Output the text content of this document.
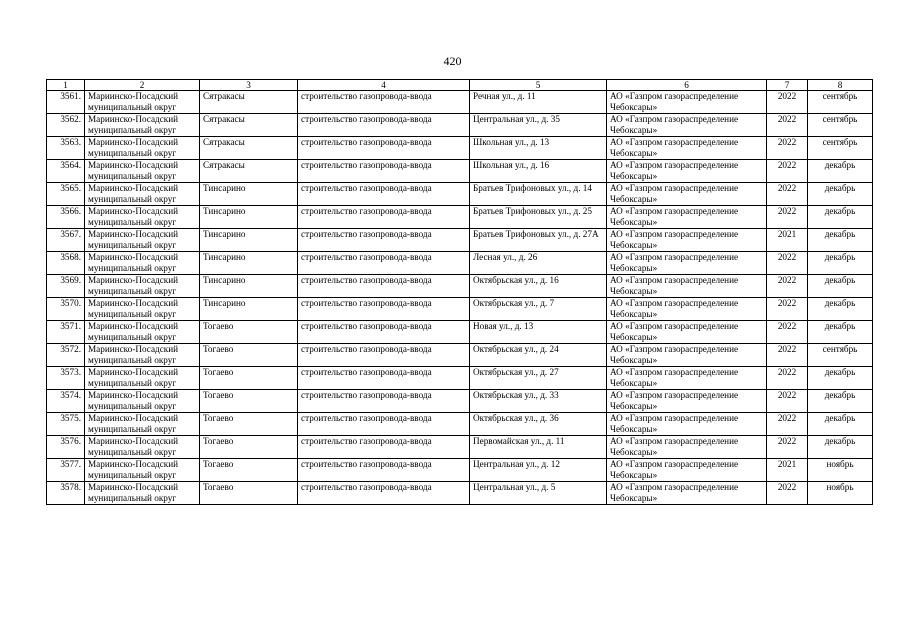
420
1	2	3	4	5	6	7	8
3561.	Мариинско-Посадский муниципальный округ	Сятракасы	строительство газопровода-ввода	Речная ул., д. 11	АО «Газпром газораспределение Чебоксары»	2022	сентябрь
3562.	Мариинско-Посадский муниципальный округ	Сятракасы	строительство газопровода-ввода	Центральная ул., д. 35	АО «Газпром газораспределение Чебоксары»	2022	сентябрь
3563.	Мариинско-Посадский муниципальный округ	Сятракасы	строительство газопровода-ввода	Школьная ул., д. 13	АО «Газпром газораспределение Чебоксары»	2022	сентябрь
3564.	Мариинско-Посадский муниципальный округ	Сятракасы	строительство газопровода-ввода	Школьная ул., д. 16	АО «Газпром газораспределение Чебоксары»	2022	декабрь
3565.	Мариинско-Посадский муниципальный округ	Тинсарино	строительство газопровода-ввода	Братьев Трифоновых ул., д. 14	АО «Газпром газораспределение Чебоксары»	2022	декабрь
3566.	Мариинско-Посадский муниципальный округ	Тинсарино	строительство газопровода-ввода	Братьев Трифоновых ул., д. 25	АО «Газпром газораспределение Чебоксары»	2022	декабрь
3567.	Мариинско-Посадский муниципальный округ	Тинсарино	строительство газопровода-ввода	Братьев Трифоновых ул., д. 27А	АО «Газпром газораспределение Чебоксары»	2021	декабрь
3568.	Мариинско-Посадский муниципальный округ	Тинсарино	строительство газопровода-ввода	Лесная ул., д. 26	АО «Газпром газораспределение Чебоксары»	2022	декабрь
3569.	Мариинско-Посадский муниципальный округ	Тинсарино	строительство газопровода-ввода	Октябрьская ул., д. 16	АО «Газпром газораспределение Чебоксары»	2022	декабрь
3570.	Мариинско-Посадский муниципальный округ	Тинсарино	строительство газопровода-ввода	Октябрьская ул., д. 7	АО «Газпром газораспределение Чебоксары»	2022	декабрь
3571.	Мариинско-Посадский муниципальный округ	Тогаево	строительство газопровода-ввода	Новая ул., д. 13	АО «Газпром газораспределение Чебоксары»	2022	декабрь
3572.	Мариинско-Посадский муниципальный округ	Тогаево	строительство газопровода-ввода	Октябрьская ул., д. 24	АО «Газпром газораспределение Чебоксары»	2022	сентябрь
3573.	Мариинско-Посадский муниципальный округ	Тогаево	строительство газопровода-ввода	Октябрьская ул., д. 27	АО «Газпром газораспределение Чебоксары»	2022	декабрь
3574.	Мариинско-Посадский муниципальный округ	Тогаево	строительство газопровода-ввода	Октябрьская ул., д. 33	АО «Газпром газораспределение Чебоксары»	2022	декабрь
3575.	Мариинско-Посадский муниципальный округ	Тогаево	строительство газопровода-ввода	Октябрьская ул., д. 36	АО «Газпром газораспределение Чебоксары»	2022	декабрь
3576.	Мариинско-Посадский муниципальный округ	Тогаево	строительство газопровода-ввода	Первомайская ул., д. 11	АО «Газпром газораспределение Чебоксары»	2022	декабрь
3577.	Мариинско-Посадский муниципальный округ	Тогаево	строительство газопровода-ввода	Центральная ул., д. 12	АО «Газпром газораспределение Чебоксары»	2021	ноябрь
3578.	Мариинско-Посадский муниципальный округ	Тогаево	строительство газопровода-ввода	Центральная ул., д. 5	АО «Газпром газораспределение Чебоксары»	2022	ноябрь
